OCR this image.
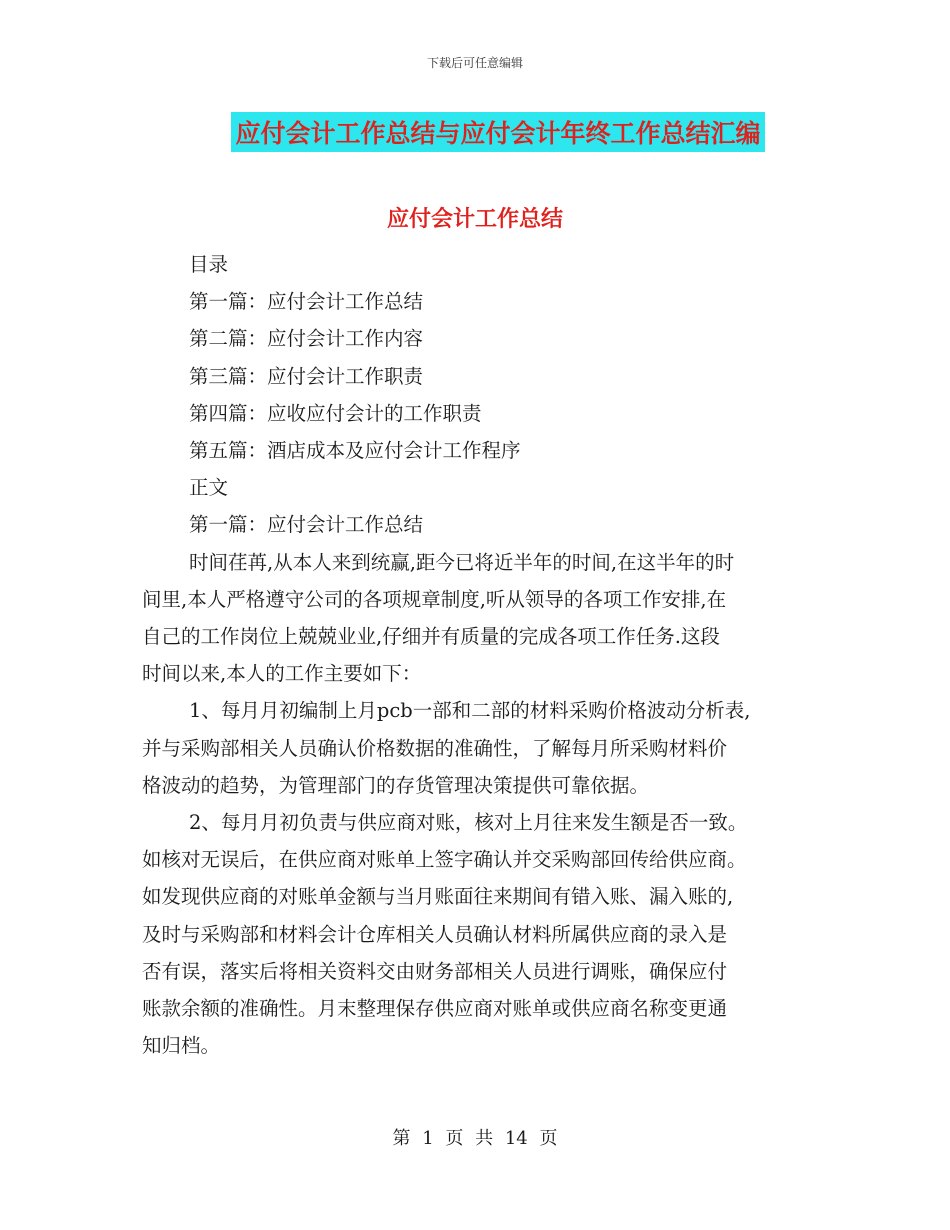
下载后可任意编辑
应付会计工作总结与应付会计年终工作总结汇编
应付会计工作总结
目录
第一篇：应付会计工作总结
第二篇：应付会计工作内容
第三篇：应付会计工作职责
第四篇：应收应付会计的工作职责
第五篇：酒店成本及应付会计工作程序
正文
第一篇：应付会计工作总结
时间荏苒,从本人来到统赢,距今已将近半年的时间,在这半年的时
间里,本人严格遵守公司的各项规章制度,听从领导的各项工作安排,在
自己的工作岗位上兢兢业业,仔细并有质量的完成各项工作任务.这段
时间以来,本人的工作主要如下：
1、每月月初编制上月pcb一部和二部的材料采购价格波动分析表,
并与采购部相关人员确认价格数据的准确性，了解每月所采购材料价
格波动的趋势，为管理部门的存货管理决策提供可靠依据。
2、每月月初负责与供应商对账，核对上月往来发生额是否一致。
如核对无误后，在供应商对账单上签字确认并交采购部回传给供应商。
如发现供应商的对账单金额与当月账面往来期间有错入账、漏入账的,
及时与采购部和材料会计仓库相关人员确认材料所属供应商的录入是
否有误，落实后将相关资料交由财务部相关人员进行调账，确保应付
账款余额的准确性。月末整理保存供应商对账单或供应商名称变更通
知归档。
第 1 页 共 14 页
